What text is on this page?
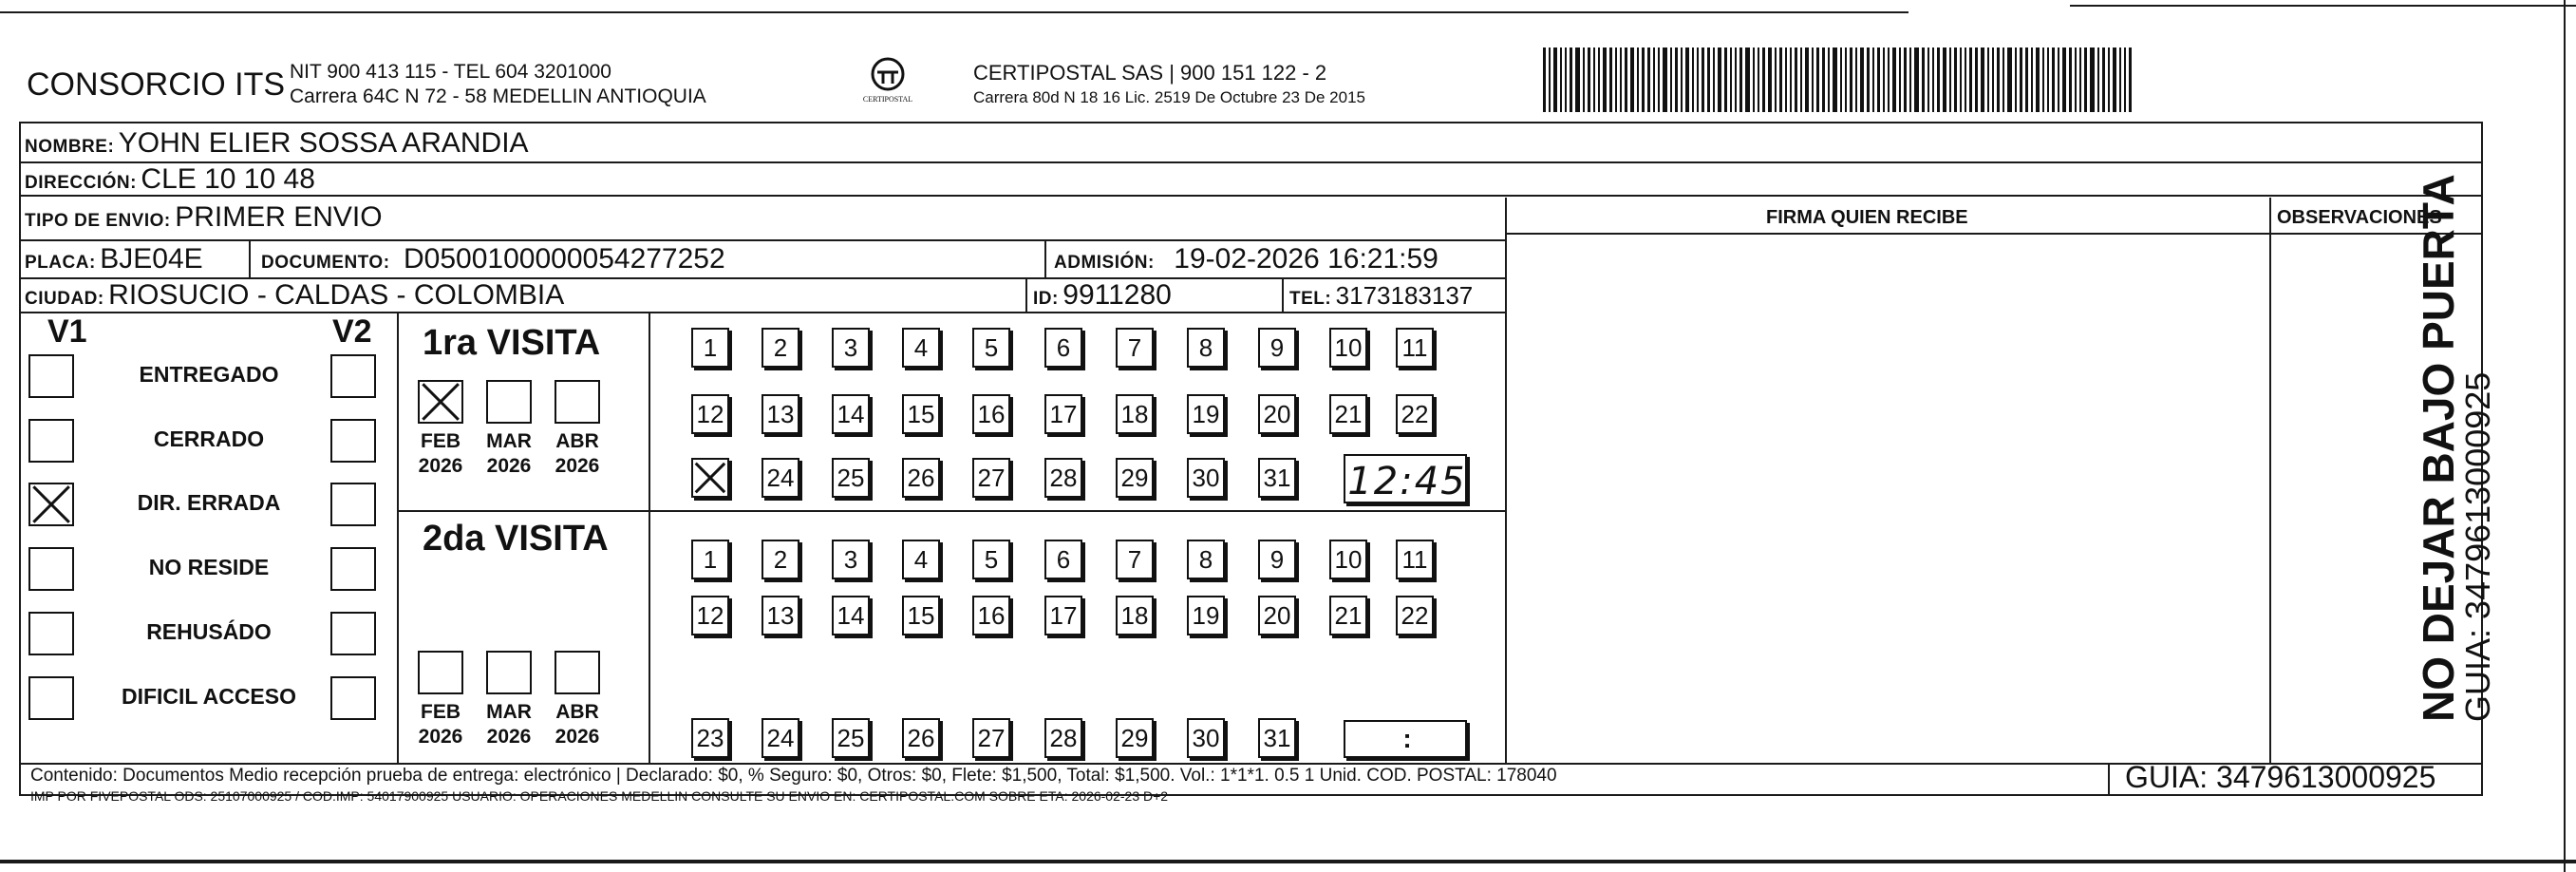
CONSORCIO ITS NIT 900 413 115 - TEL 604 3201000
Carrera 64C N 72 - 58 MEDELLIN ANTIOQUIA	CERTIPOSTAL
CERTIPOSTAL SAS | 900 151 122 - 2
Carrera 80d N 18 16 Lic. 2519 De Octubre 23 De 2015
NOMBRE: YOHN ELIER SOSSA ARANDIA
DIRECCIÓN: CLE 10 10 48
TIPO DE ENVIO: PRIMER ENVIO	FIRMA QUIEN RECIBE	OBSERVACIONES
PLACA: BJE04E	DOCUMENTO: D0500100000054277252	ADMISIÓN: 19-02-2026 16:21:59
CIUDAD: RIOSUCIO - CALDAS - COLOMBIA	ID: 9911280	TEL: 3173183137
V1	V2 1ra VISITA
2da VISITA
12:45
:
Contenido: Documentos Medio recepción prueba de entrega: electrónico | Declarado: $0, % Seguro: $0, Otros: $0, Flete: $1,500, Total: $1,500. Vol.: 1*1*1. 0.5 1 Unid. COD. POSTAL: 178040
IMP POR FIVEPOSTAL ODS: 25107000925 / COD.IMP: 54017900925 USUARIO: OPERACIONES MEDELLIN CONSULTE SU ENVIO EN: CERTIPOSTAL.COM SOBRE ETA: 2026-02-23 D+2
GUIA: 3479613000925
NO DEJAR BAJO PUERTA
GUIA: 3479613000925
ENTREGADO
CERRADO
DIR. ERRADA
NO RESIDE
REHUSÁDO
DIFICIL ACCESO
FEB
2026
MAR
2026
ABR
2026
FEB
2026
MAR
2026
ABR
2026
1	2	3	4	5	6	7	8	9	10 11
12 13 14 15 16 17 18 19 20 21 22
24 25 26 27 28 29 30 31
1	2	3	4	5	6	7	8	9	10 11
12 13 14 15 16 17 18 19 20 21 22
23 24 25 26 27 28 29 30 31
